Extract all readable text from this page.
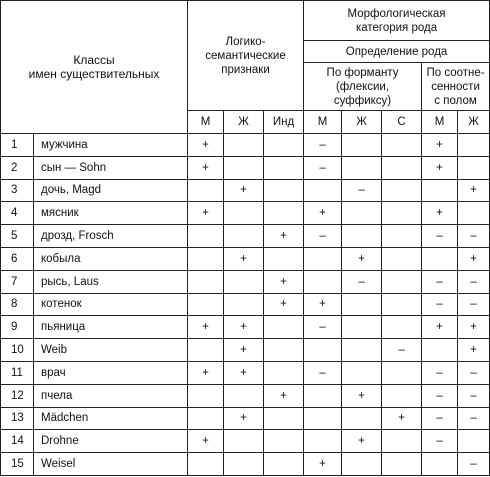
Классы
имен существительных		Логико-
семантические
признаки			Морфологическая
категория рода				
					Определение рода				
					По форманту
(флексии,
суффиксу)			По соотне-
сенности
с полом	
		М	Ж	Инд	М	Ж	С	М	Ж
1	мужчина	+			–			+	
2	сын — Sohn	+			–			+	
3	дочь, Magd		+			–			+
4	мясник	+			+			+	
5	дрозд, Frosch			+	–			–	–
6	кобыла		+			+			+
7	рысь, Laus			+		–		–	–
8	котенок			+	+			–	–
9	пьяница	+	+		–			+	+
10	Weib		+				–		+
11	врач	+	+		–			–	–
12	пчела			+		+		–	–
13	Mädchen		+				+	–	–
14	Drohne	+				+		–	
15	Weisel				+				–
